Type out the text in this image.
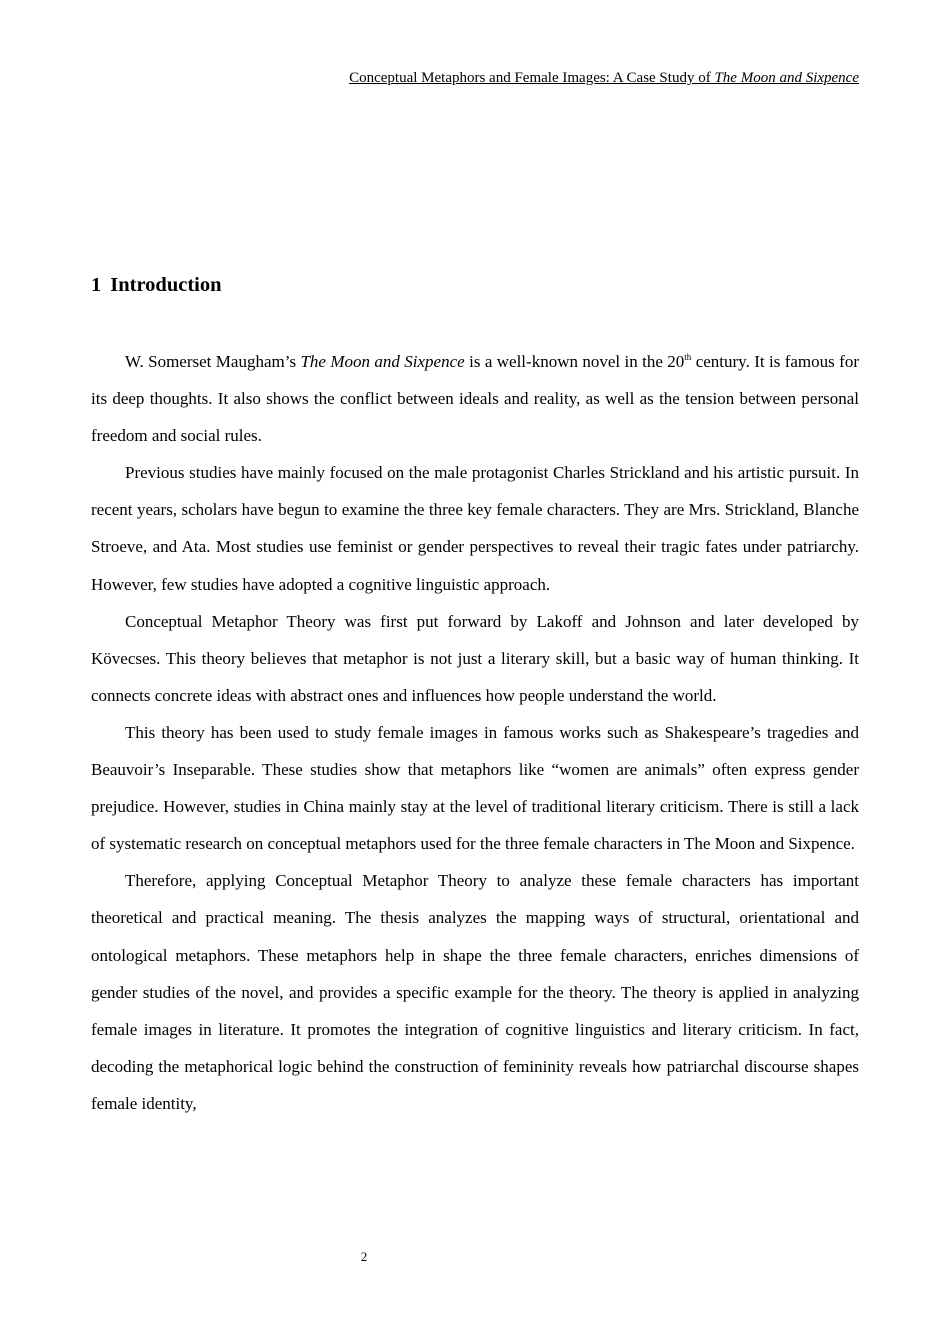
Conceptual Metaphors and Female Images: A Case Study of The Moon and Sixpence
1 Introduction

W. Somerset Maugham’s The Moon and Sixpence is a well-known novel in the 20th century. It is famous for its deep thoughts. It also shows the conflict between ideals and reality, as well as the tension between personal freedom and social rules.

Previous studies have mainly focused on the male protagonist Charles Strickland and his artistic pursuit. In recent years, scholars have begun to examine the three key female characters. They are Mrs. Strickland, Blanche Stroeve, and Ata. Most studies use feminist or gender perspectives to reveal their tragic fates under patriarchy. However, few studies have adopted a cognitive linguistic approach.

Conceptual Metaphor Theory was first put forward by Lakoff and Johnson and later developed by Kövecses. This theory believes that metaphor is not just a literary skill, but a basic way of human thinking. It connects concrete ideas with abstract ones and influences how people understand the world.

This theory has been used to study female images in famous works such as Shakespeare’s tragedies and Beauvoir’s Inseparable. These studies show that metaphors like “women are animals” often express gender prejudice. However, studies in China mainly stay at the level of traditional literary criticism. There is still a lack of systematic research on conceptual metaphors used for the three female characters in The Moon and Sixpence.

Therefore, applying Conceptual Metaphor Theory to analyze these female characters has important theoretical and practical meaning. The thesis analyzes the mapping ways of structural, orientational and ontological metaphors. These metaphors help in shape the three female characters, enriches dimensions of gender studies of the novel, and provides a specific example for the theory. The theory is applied in analyzing female images in literature. It promotes the integration of cognitive linguistics and literary criticism. In fact, decoding the metaphorical logic behind the construction of femininity reveals how patriarchal discourse shapes female identity,

2
